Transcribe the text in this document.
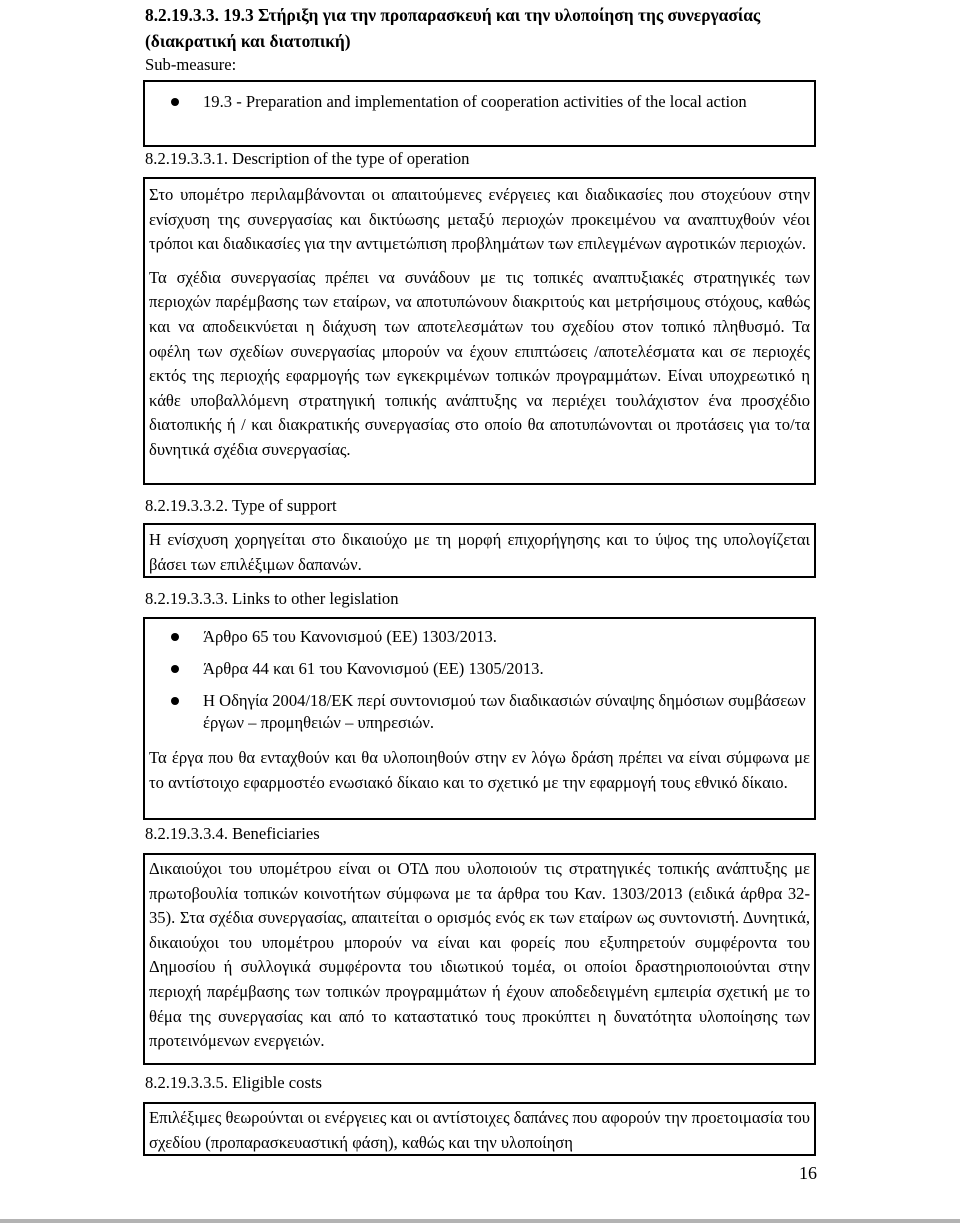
8.2.19.3.3. 19.3 Στήριξη για την προπαρασκευή και την υλοποίηση της συνεργασίας (διακρατική και διατοπική)
Sub-measure:
19.3 - Preparation and implementation of cooperation activities of the local action
8.2.19.3.3.1. Description of the type of operation

Στο υπομέτρο περιλαμβάνονται οι απαιτούμενες ενέργειες και διαδικασίες που στοχεύουν στην ενίσχυση της συνεργασίας και δικτύωσης μεταξύ περιοχών προκειμένου να αναπτυχθούν νέοι τρόποι και διαδικασίες για την αντιμετώπιση προβλημάτων των επιλεγμένων αγροτικών περιοχών.

Τα σχέδια συνεργασίας πρέπει να συνάδουν με τις τοπικές αναπτυξιακές στρατηγικές των περιοχών παρέμβασης των εταίρων, να αποτυπώνουν διακριτούς και μετρήσιμους στόχους, καθώς και να αποδεικνύεται η διάχυση των αποτελεσμάτων του σχεδίου στον τοπικό πληθυσμό. Τα οφέλη των σχεδίων συνεργασίας μπορούν να έχουν επιπτώσεις /αποτελέσματα και σε περιοχές εκτός της περιοχής εφαρμογής των εγκεκριμένων τοπικών προγραμμάτων. Είναι υποχρεωτικό η κάθε υποβαλλόμενη στρατηγική τοπικής ανάπτυξης να περιέχει τουλάχιστον ένα προσχέδιο διατοπικής ή / και διακρατικής συνεργασίας στο οποίο θα αποτυπώνονται οι προτάσεις για το/τα δυνητικά σχέδια συνεργασίας.

8.2.19.3.3.2. Type of support

Η ενίσχυση χορηγείται στο δικαιούχο με τη μορφή επιχορήγησης και το ύψος της υπολογίζεται βάσει των επιλέξιμων δαπανών.

8.2.19.3.3.3. Links to other legislation
Άρθρο 65 του Κανονισμού (ΕΕ) 1303/2013.
Άρθρα 44 και 61 του Κανονισμού (ΕΕ) 1305/2013.
Η Οδηγία 2004/18/ΕΚ περί συντονισμού των διαδικασιών σύναψης δημόσιων συμβάσεων έργων – προμηθειών – υπηρεσιών.

Τα έργα που θα ενταχθούν και θα υλοποιηθούν στην εν λόγω δράση πρέπει να είναι σύμφωνα με το αντίστοιχο εφαρμοστέο ενωσιακό δίκαιο και το σχετικό με την εφαρμογή τους εθνικό δίκαιο.

8.2.19.3.3.4. Beneficiaries

Δικαιούχοι του υπομέτρου είναι οι ΟΤΔ που υλοποιούν τις στρατηγικές τοπικής ανάπτυξης με πρωτοβουλία τοπικών κοινοτήτων σύμφωνα με τα άρθρα του Καν. 1303/2013 (ειδικά άρθρα 32-35). Στα σχέδια συνεργασίας, απαιτείται ο ορισμός ενός εκ των εταίρων ως συντονιστή. Δυνητικά, δικαιούχοι του υπομέτρου μπορούν να είναι και φορείς που εξυπηρετούν συμφέροντα του Δημοσίου ή συλλογικά συμφέροντα του ιδιωτικού τομέα, οι οποίοι δραστηριοποιούνται στην περιοχή παρέμβασης των τοπικών προγραμμάτων ή έχουν αποδεδειγμένη εμπειρία σχετική με το θέμα της συνεργασίας και από το καταστατικό τους προκύπτει η δυνατότητα υλοποίησης των προτεινόμενων ενεργειών.

8.2.19.3.3.5. Eligible costs

Επιλέξιμες θεωρούνται οι ενέργειες και οι αντίστοιχες δαπάνες που αφορούν την προετοιμασία του σχεδίου (προπαρασκευαστική φάση), καθώς και την υλοποίηση

16
